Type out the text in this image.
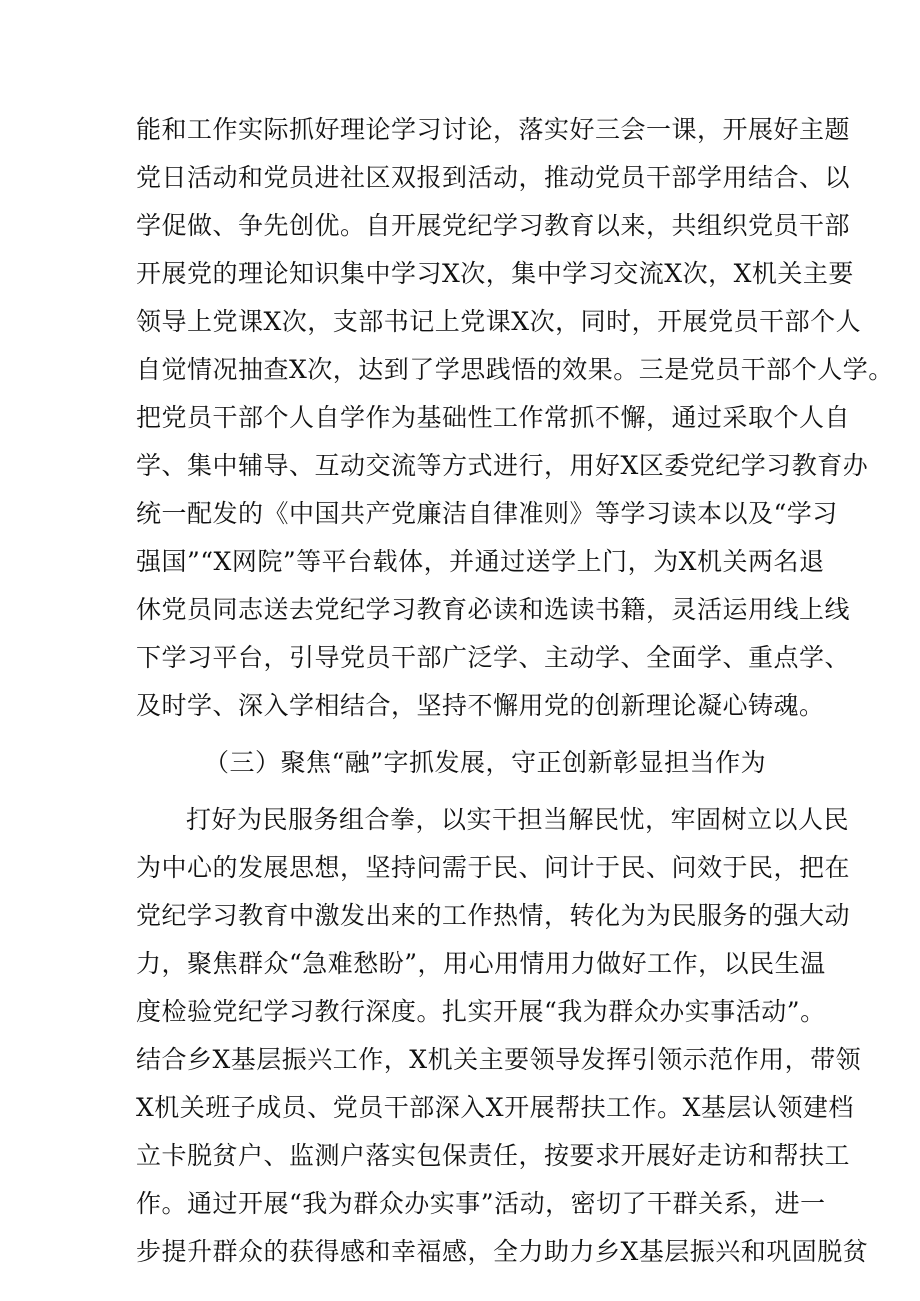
能和工作实际抓好理论学习讨论，落实好三会一课，开展好主题
党日活动和党员进社区双报到活动，推动党员干部学用结合、以
学促做、争先创优。自开展党纪学习教育以来，共组织党员干部
开展党的理论知识集中学习X次，集中学习交流X次，X机关主要
领导上党课X次，支部书记上党课X次，同时，开展党员干部个人
自觉情况抽查X次，达到了学思践悟的效果。三是党员干部个人学。
把党员干部个人自学作为基础性工作常抓不懈，通过采取个人自
学、集中辅导、互动交流等方式进行，用好X区委党纪学习教育办
统一配发的《中国共产党廉洁自律准则》等学习读本以及“学习
强国”“X网院”等平台载体，并通过送学上门，为X机关两名退
休党员同志送去党纪学习教育必读和选读书籍，灵活运用线上线
下学习平台，引导党员干部广泛学、主动学、全面学、重点学、
及时学、深入学相结合，坚持不懈用党的创新理论凝心铸魂。
（三）聚焦“融”字抓发展，守正创新彰显担当作为
打好为民服务组合拳，以实干担当解民忧，牢固树立以人民
为中心的发展思想，坚持问需于民、问计于民、问效于民，把在
党纪学习教育中激发出来的工作热情，转化为为民服务的强大动
力，聚焦群众“急难愁盼”，用心用情用力做好工作，以民生温
度检验党纪学习教行深度。扎实开展“我为群众办实事活动”。
结合乡X基层振兴工作，X机关主要领导发挥引领示范作用，带领
X机关班子成员、党员干部深入X开展帮扶工作。X基层认领建档
立卡脱贫户、监测户落实包保责任，按要求开展好走访和帮扶工
作。通过开展“我为群众办实事”活动，密切了干群关系，进一
步提升群众的获得感和幸福感，全力助力乡X基层振兴和巩固脱贫
